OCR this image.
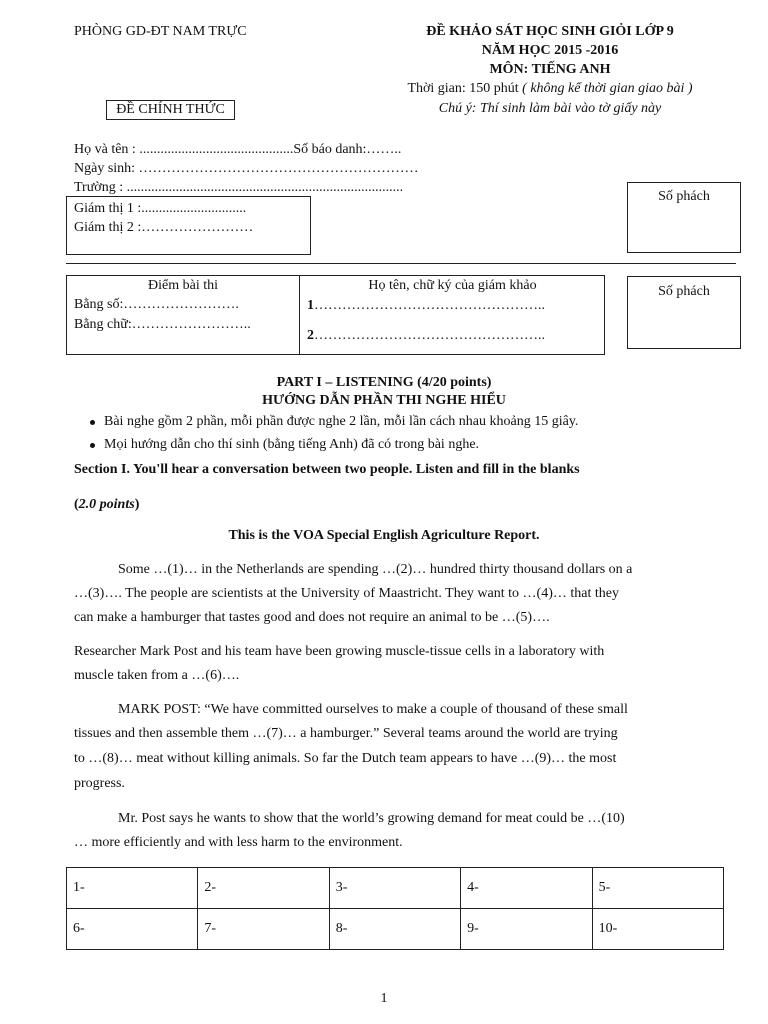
PHÒNG GD-ĐT NAM TRỰC	ĐỀ KHẢO SÁT HỌC SINH GIỎI LỚP 9
NĂM HỌC 2015 -2016
MÔN: TIẾNG ANH
Thời gian: 150 phút ( không kể thời gian giao bài )
Chú ý: Thí sinh làm bài vào tờ giấy này
ĐỀ CHÍNH THỨC
Họ và tên : ............................................Số báo danh:……..
Ngày sinh: ……………………………………………………
Trường : ...............................................................................
Giám thị 1 :..............................
Giám thị 2 :……………………
Số phách
Điểm bài thi
Bằng số:…………………….
Bằng chữ:……………………..
Họ tên, chữ ký của giám khảo
1…………………………………………..
2…………………………………………..
Số phách
PART I – LISTENING (4/20 points)
HƯỚNG DẪN PHẦN THI NGHE HIỂU
Bài nghe gồm 2 phần, mỗi phần được nghe 2 lần, mỗi lần cách nhau khoảng 15 giây.
Mọi hướng dẫn cho thí sinh (bằng tiếng Anh) đã có trong bài nghe.
Section I. You'll hear a conversation between two people. Listen and fill in the blanks
(2.0 points)
This is the VOA Special English Agriculture Report.
Some …(1)… in the Netherlands are spending …(2)… hundred thirty thousand dollars on a
…(3)…. The people are scientists at the University of Maastricht. They want to …(4)… that they
can make a hamburger that tastes good and does not require an animal to be …(5)….
Researcher Mark Post and his team have been growing muscle-tissue cells in a laboratory with
muscle taken from a …(6)….
MARK POST: “We have committed ourselves to make a couple of thousand of these small
tissues and then assemble them …(7)… a hamburger.” Several teams around the world are trying
to …(8)… meat without killing animals. So far the Dutch team appears to have …(9)… the most
progress.
Mr. Post says he wants to show that the world’s growing demand for meat could be …(10)
… more efficiently and with less harm to the environment.
1-	2-	3-	4-	5-
6-	7-	8-	9-	10-
1
